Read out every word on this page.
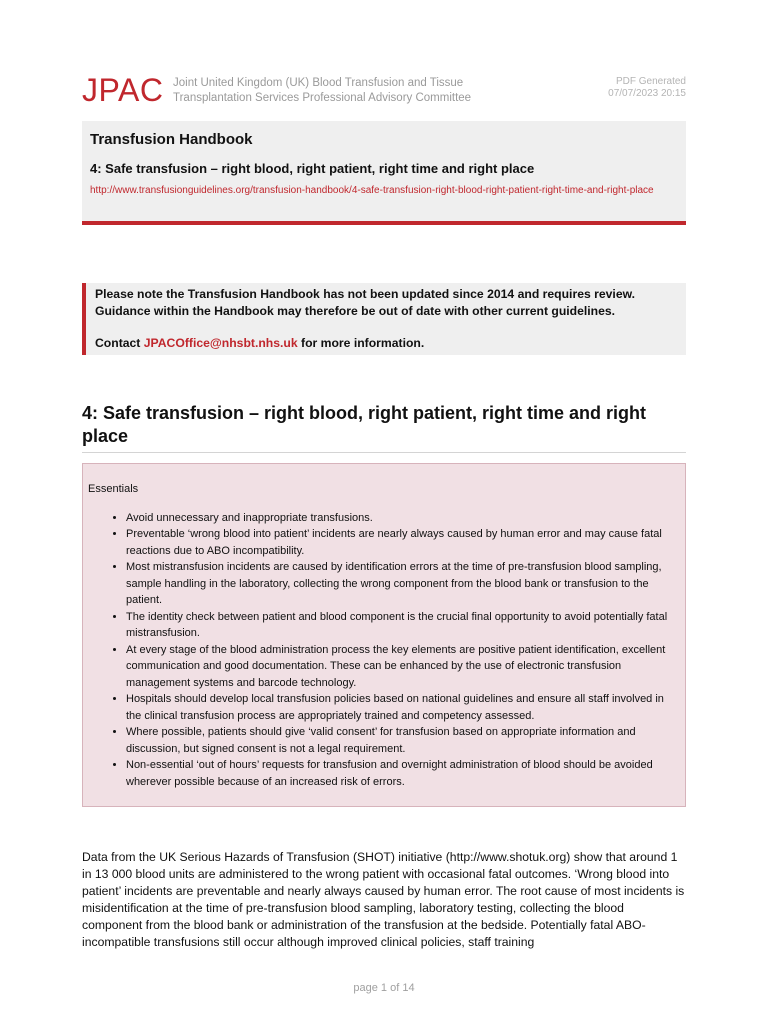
JPAC Joint United Kingdom (UK) Blood Transfusion and Tissue
Transplantation Services Professional Advisory Committee
PDF Generated
07/07/2023 20:15
Transfusion Handbook
4: Safe transfusion – right blood, right patient, right time and right place
http://www.transfusionguidelines.org/transfusion-handbook/4-safe-transfusion-right-blood-right-patient-right-time-and-right-place

Please note the Transfusion Handbook has not been updated since 2014 and requires review.

Guidance within the Handbook may therefore be out of date with other current guidelines.

Contact JPACOffice@nhsbt.nhs.uk for more information.

4: Safe transfusion – right blood, right patient, right time and right place

Essentials

• Avoid unnecessary and inappropriate transfusions.
• Preventable ‘wrong blood into patient’ incidents are nearly always caused by human error and may cause fatal reactions due to ABO incompatibility.
• Most mistransfusion incidents are caused by identification errors at the time of pre-transfusion blood sampling, sample handling in the laboratory, collecting the wrong component from the blood bank or transfusion to the patient.
• The identity check between patient and blood component is the crucial final opportunity to avoid potentially fatal mistransfusion.
• At every stage of the blood administration process the key elements are positive patient identification, excellent communication and good documentation. These can be enhanced by the use of electronic transfusion management systems and barcode technology.
• Hospitals should develop local transfusion policies based on national guidelines and ensure all staff involved in the clinical transfusion process are appropriately trained and competency assessed.
• Where possible, patients should give ‘valid consent’ for transfusion based on appropriate information and discussion, but signed consent is not a legal requirement.
• Non-essential ‘out of hours’ requests for transfusion and overnight administration of blood should be avoided wherever possible because of an increased risk of errors.

Data from the UK Serious Hazards of Transfusion (SHOT) initiative (http://www.shotuk.org) show that around 1 in 13 000 blood units are administered to the wrong patient with occasional fatal outcomes. ‘Wrong blood into patient’ incidents are preventable and nearly always caused by human error. The root cause of most incidents is misidentification at the time of pre-transfusion blood sampling, laboratory testing, collecting the blood component from the blood bank or administration of the transfusion at the bedside. Potentially fatal ABO-incompatible transfusions still occur although improved clinical policies, staff training

page 1 of 14
